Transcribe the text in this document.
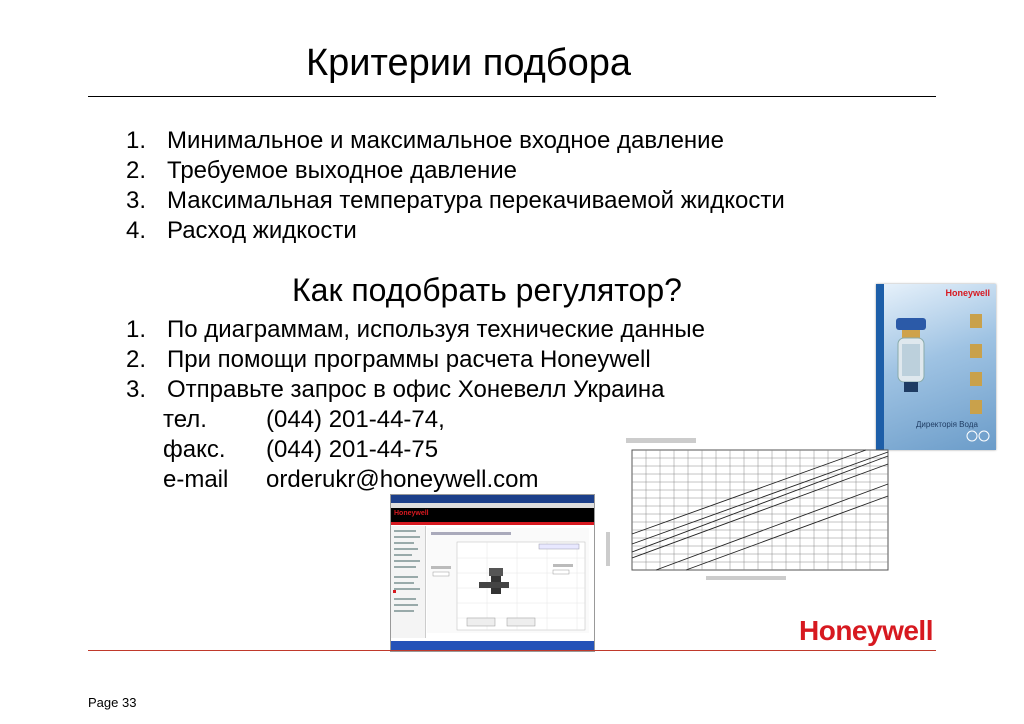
Критерии подбора
1. Минимальное и максимальное входное давление
2. Требуемое выходное давление
3. Максимальная температура перекачиваемой жидкости
4. Расход жидкости
Как подобрать регулятор?
1. По диаграммам, используя технические данные
2. При помощи программы расчета Honeywell
3. Отправьте запрос в офис Хоневелл Украина
тел. (044) 201-44-74,
факс. (044) 201-44-75
e-mail orderukr@honeywell.com
Honeywell
Директорія Вода
Honeywell
Honeywell
Page 33
